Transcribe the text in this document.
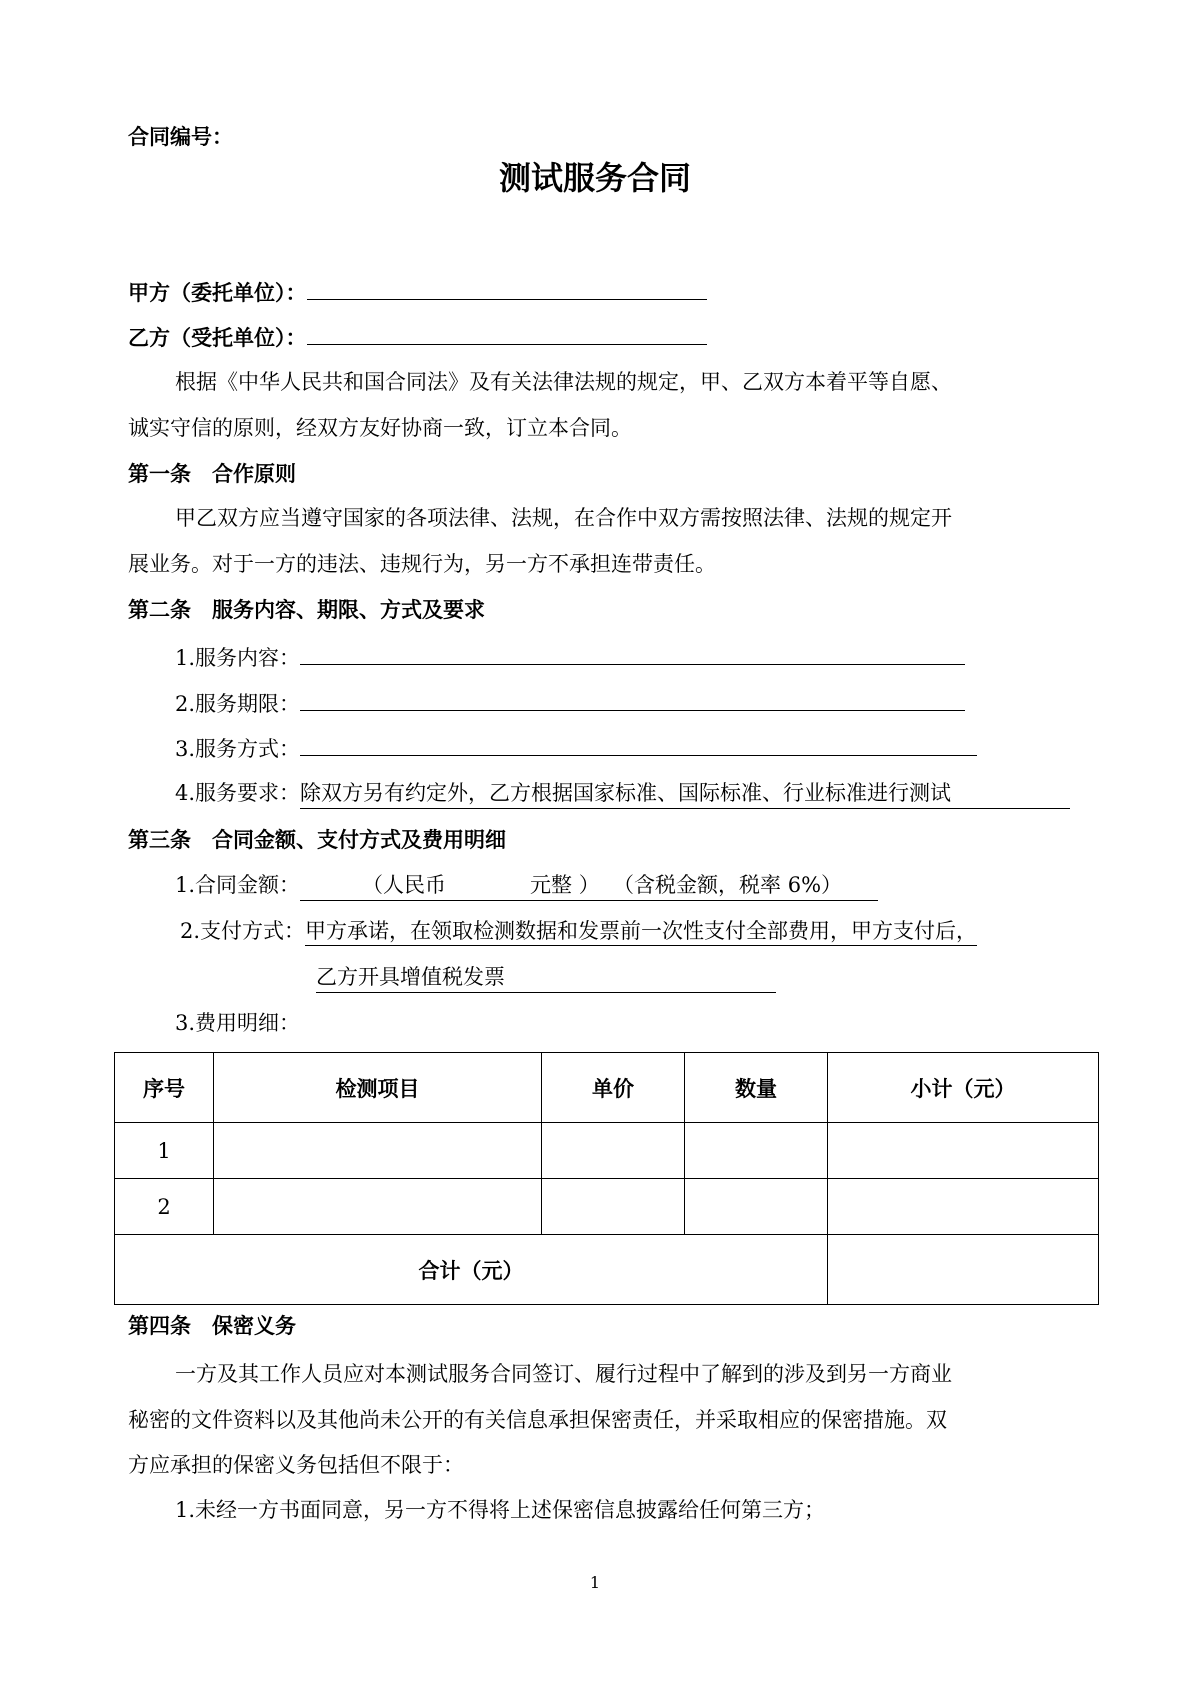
合同编号：
测试服务合同
甲方（委托单位）：
乙方（受托单位）：
根据《中华人民共和国合同法》及有关法律法规的规定，甲、乙双方本着平等自愿、
诚实守信的原则，经双方友好协商一致，订立本合同。
第一条　合作原则
甲乙双方应当遵守国家的各项法律、法规，在合作中双方需按照法律、法规的规定开
展业务。对于一方的违法、违规行为，另一方不承担连带责任。
第二条　服务内容、期限、方式及要求
1.服务内容：
2.服务期限：
3.服务方式：
4.服务要求：除双方另有约定外，乙方根据国家标准、国际标准、行业标准进行测试
第三条　合同金额、支付方式及费用明细
1.合同金额：	（人民币	元整 ） （含税金额，税率 6%）
2.支付方式：甲方承诺，在领取检测数据和发票前一次性支付全部费用，甲方支付后，
乙方开具增值税发票
3.费用明细：
序号	检测项目	单价	数量	小计（元）
1				
2				
合计（元）				
第四条　保密义务
一方及其工作人员应对本测试服务合同签订、履行过程中了解到的涉及到另一方商业
秘密的文件资料以及其他尚未公开的有关信息承担保密责任，并采取相应的保密措施。双
方应承担的保密义务包括但不限于：
1.未经一方书面同意，另一方不得将上述保密信息披露给任何第三方；
1
